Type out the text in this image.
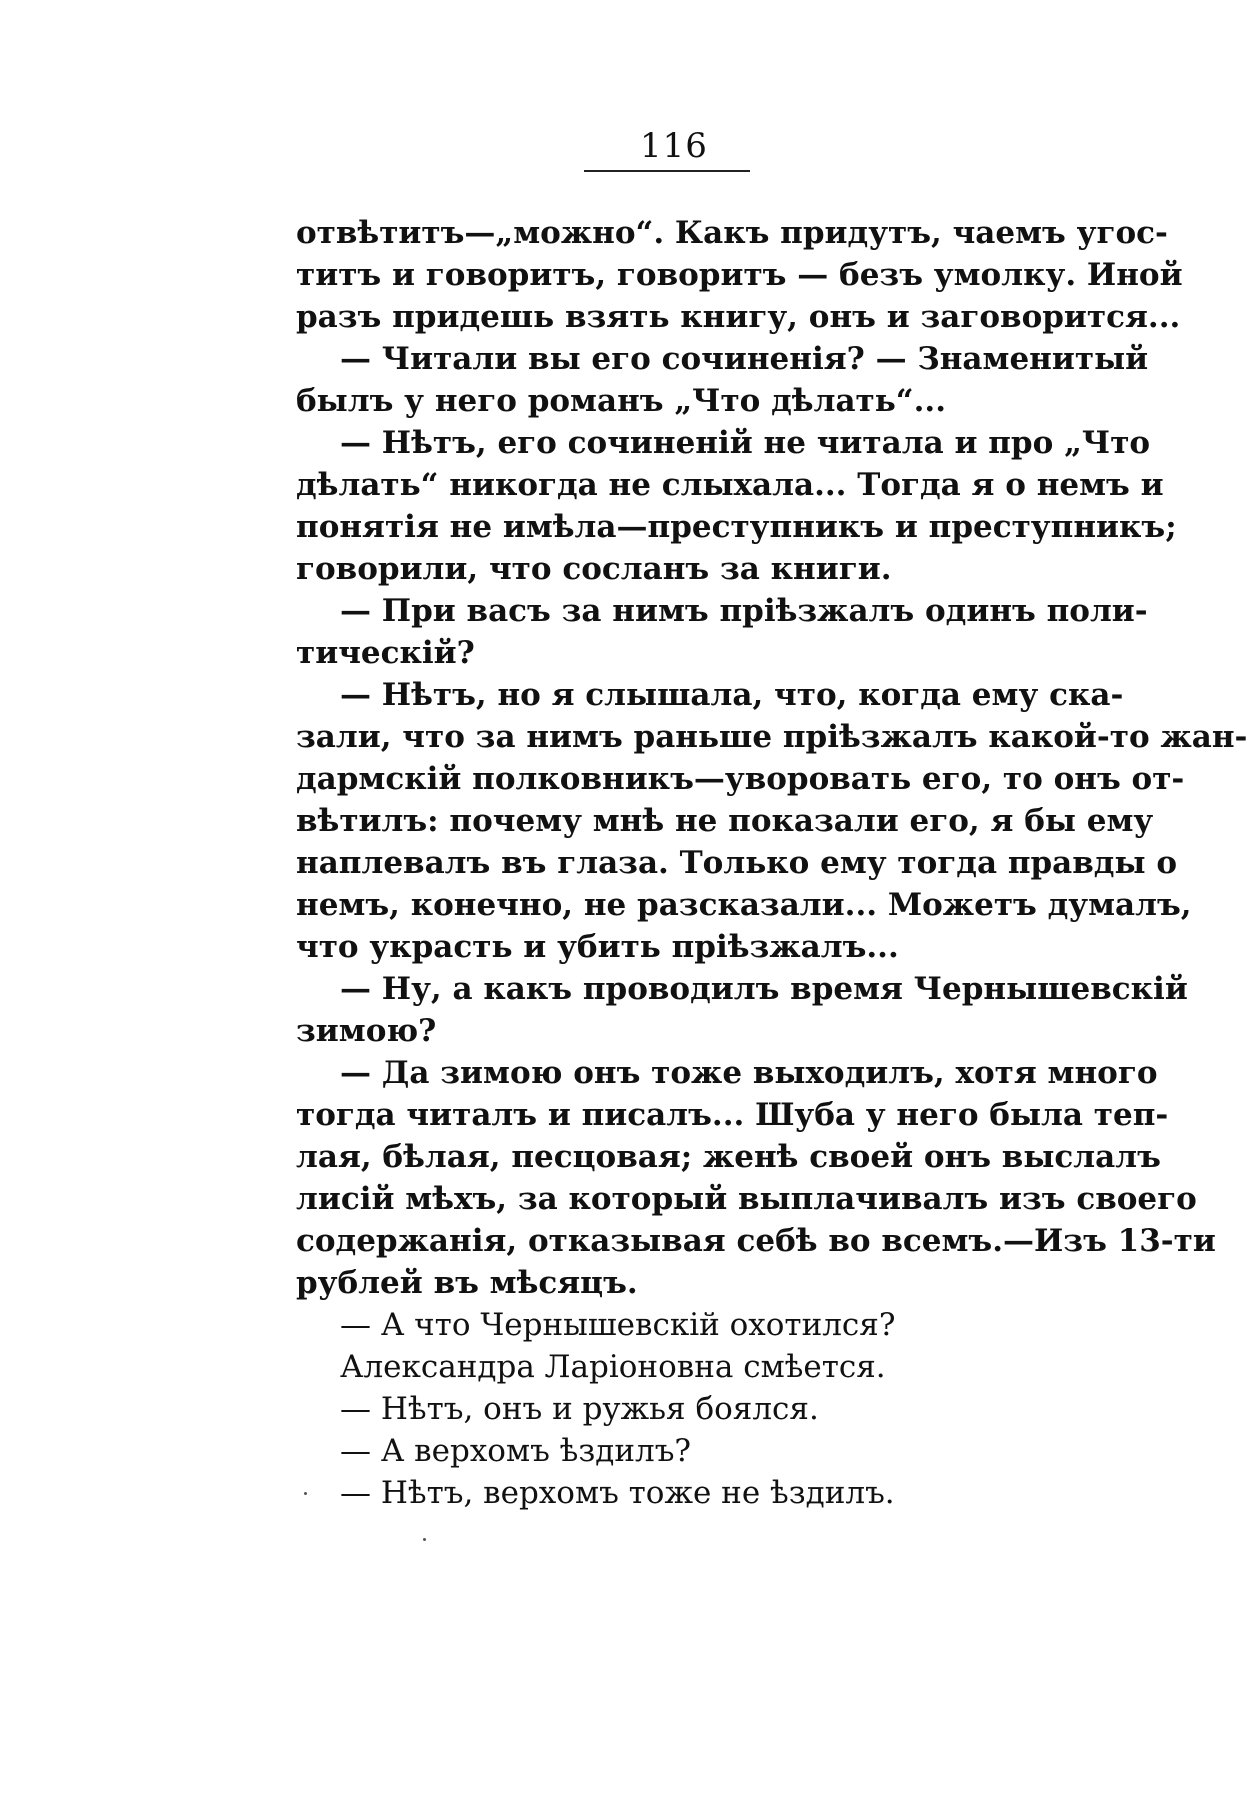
116
отвѣтитъ—„можно“. Какъ придутъ, чаемъ угос-
титъ и говоритъ, говоритъ — безъ умолку. Иной
разъ придешь взять книгу, онъ и заговорится...
— Читали вы его сочиненія? — Знаменитый
былъ у него романъ „Что дѣлать“...
— Нѣтъ, его сочиненій не читала и про „Что
дѣлать“ никогда не слыхала... Тогда я о немъ и
понятія не имѣла—преступникъ и преступникъ;
говорили, что сосланъ за книги.
— При васъ за нимъ пріѣзжалъ одинъ поли-
тическій?
— Нѣтъ, но я слышала, что, когда ему ска-
зали, что за нимъ раньше пріѣзжалъ какой-то жан-
дармскій полковникъ—уворовать его, то онъ от-
вѣтилъ: почему мнѣ не показали его, я бы ему
наплевалъ въ глаза. Только ему тогда правды о
немъ, конечно, не разсказали... Можетъ думалъ,
что украсть и убить пріѣзжалъ...
— Ну, а какъ проводилъ время Чернышевскій
зимою?
— Да зимою онъ тоже выходилъ, хотя много
тогда читалъ и писалъ... Шуба у него была теп-
лая, бѣлая, песцовая; женѣ своей онъ выслалъ
лисій мѣхъ, за который выплачивалъ изъ своего
содержанія, отказывая себѣ во всемъ.—Изъ 13-ти
рублей въ мѣсяцъ.
— А что Чернышевскій охотился?
Александра Ларіоновна смѣется.
— Нѣтъ, онъ и ружья боялся.
— А верхомъ ѣздилъ?
— Нѣтъ, верхомъ тоже не ѣздилъ.
